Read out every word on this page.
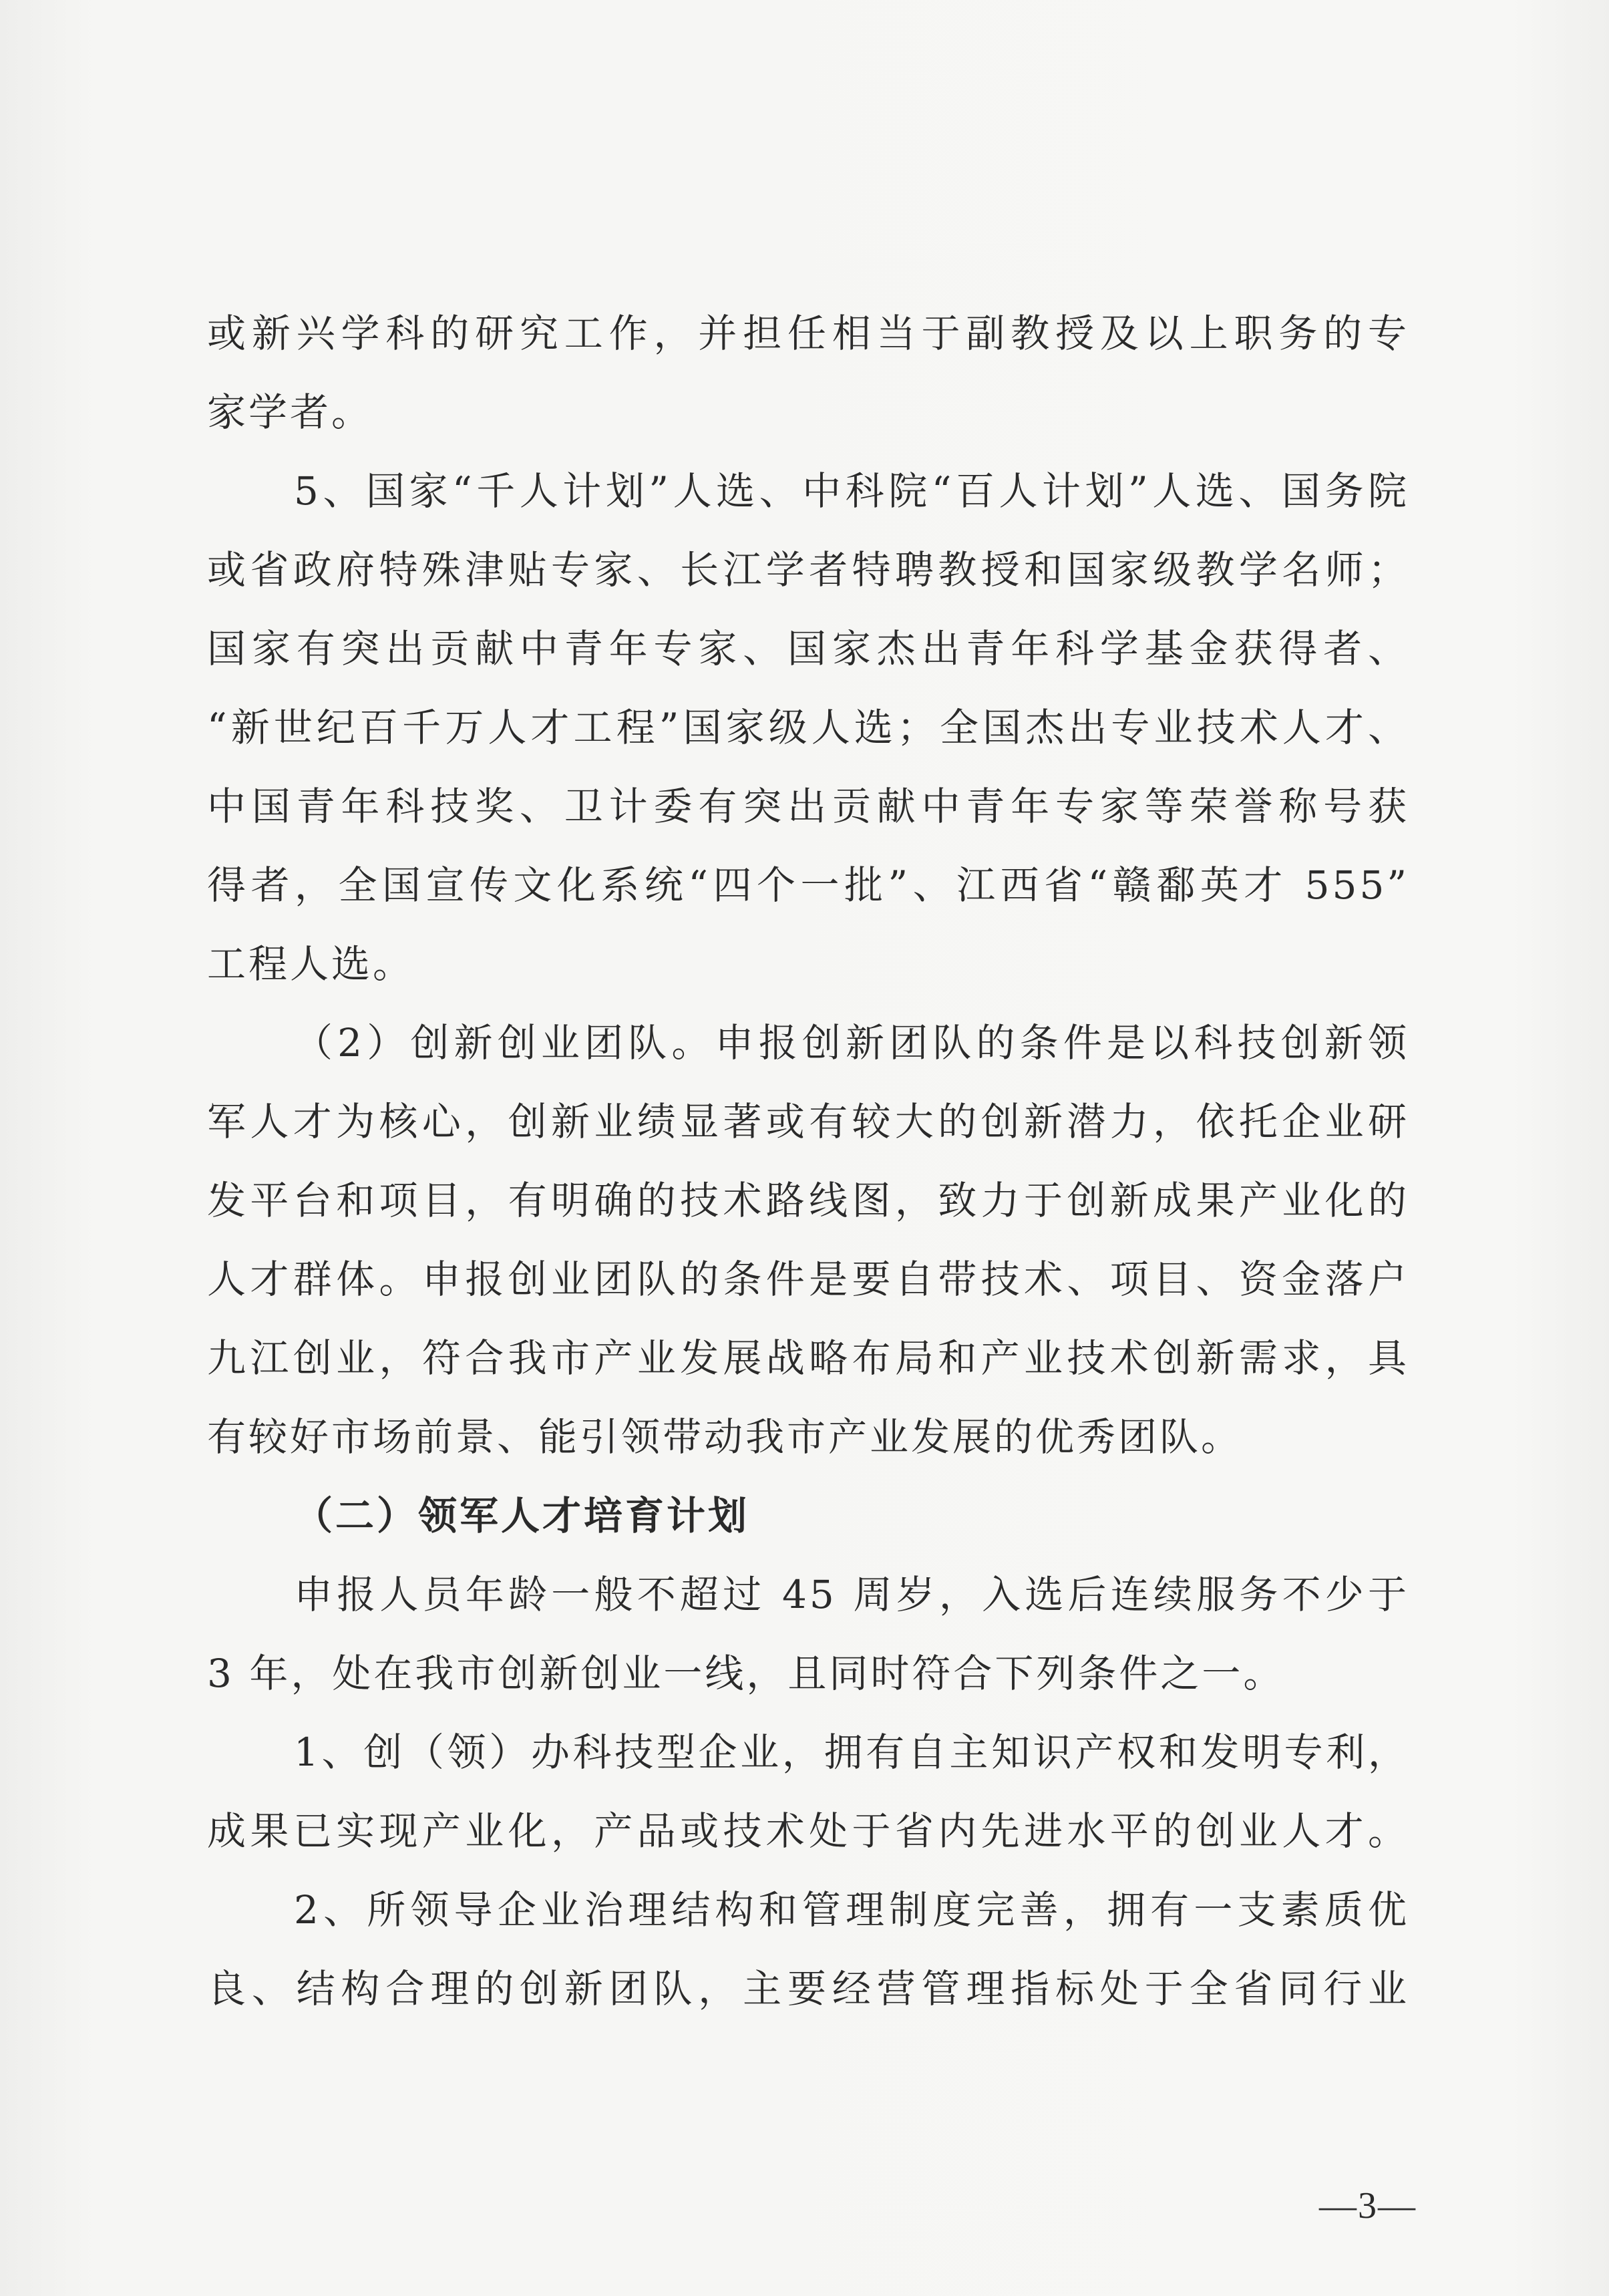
或新兴学科的研究工作，并担任相当于副教授及以上职务的专
家学者。
5、国家“千人计划”人选、中科院“百人计划”人选、国务院
或省政府特殊津贴专家、长江学者特聘教授和国家级教学名师；
国家有突出贡献中青年专家、国家杰出青年科学基金获得者、
“新世纪百千万人才工程”国家级人选；全国杰出专业技术人才、
中国青年科技奖、卫计委有突出贡献中青年专家等荣誉称号获
得者，全国宣传文化系统“四个一批”、江西省“赣鄱英才 555”
工程人选。
（2）创新创业团队。申报创新团队的条件是以科技创新领
军人才为核心，创新业绩显著或有较大的创新潜力，依托企业研
发平台和项目，有明确的技术路线图，致力于创新成果产业化的
人才群体。申报创业团队的条件是要自带技术、项目、资金落户
九江创业，符合我市产业发展战略布局和产业技术创新需求，具
有较好市场前景、能引领带动我市产业发展的优秀团队。
（二）领军人才培育计划
申报人员年龄一般不超过 45 周岁，入选后连续服务不少于
3 年，处在我市创新创业一线，且同时符合下列条件之一。
1、创（领）办科技型企业，拥有自主知识产权和发明专利，
成果已实现产业化，产品或技术处于省内先进水平的创业人才。
2、所领导企业治理结构和管理制度完善，拥有一支素质优
良、结构合理的创新团队，主要经营管理指标处于全省同行业
—3—
